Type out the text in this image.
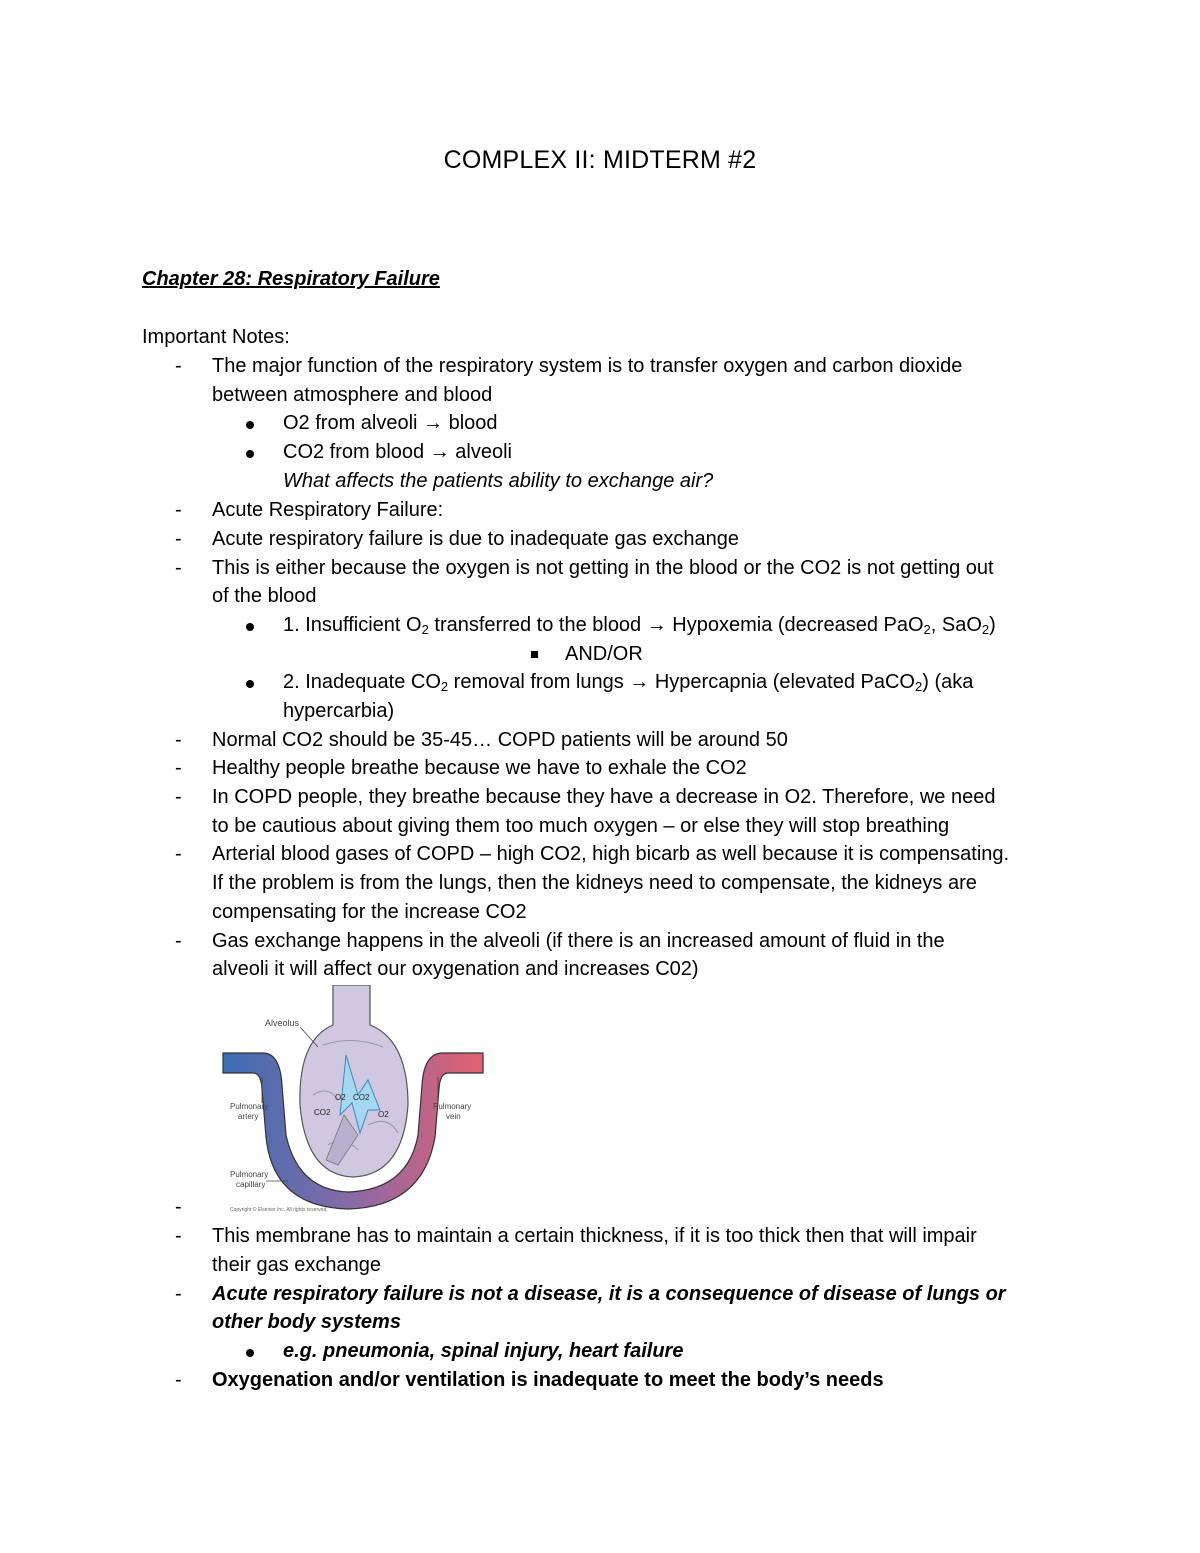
COMPLEX II: MIDTERM #2
Chapter 28: Respiratory Failure
Important Notes:
- The major function of the respiratory system is to transfer oxygen and carbon dioxide
between atmosphere and blood
O2 from alveoli → blood
CO2 from blood → alveoli
What affects the patients ability to exchange air?
- Acute Respiratory Failure:
- Acute respiratory failure is due to inadequate gas exchange
- This is either because the oxygen is not getting in the blood or the CO2 is not getting out
of the blood
1. Insufficient $O_2$ transferred to the blood → Hypoxemia (decreased PaO$_2$, SaO$_2$)
AND/OR
2. Inadequate $CO_2$ removal from lungs → Hypercapnia (elevated PaCO$_2$) (aka
hypercarbia)
- Normal CO2 should be 35-45… COPD patients will be around 50
- Healthy people breathe because we have to exhale the CO2
- In COPD people, they breathe because they have a decrease in O2. Therefore, we need
to be cautious about giving them too much oxygen – or else they will stop breathing
- Arterial blood gases of COPD – high CO2, high bicarb as well because it is compensating.
If the problem is from the lungs, then the kidneys need to compensate, the kidneys are
compensating for the increase CO2
- Gas exchange happens in the alveoli (if there is an increased amount of fluid in the
alveoli it will affect our oxygenation and increases C02)
Alveolus
Pulmonary
artery
Pulmonary
vein
Pulmonary
capillary
O2 CO2
CO2	O2
Copyright © Elsevier Inc. All rights reserved.
-
- This membrane has to maintain a certain thickness, if it is too thick then that will impair
their gas exchange
- Acute respiratory failure is not a disease, it is a consequence of disease of lungs or
other body systems
e.g. pneumonia, spinal injury, heart failure
- Oxygenation and/or ventilation is inadequate to meet the body’s needs
